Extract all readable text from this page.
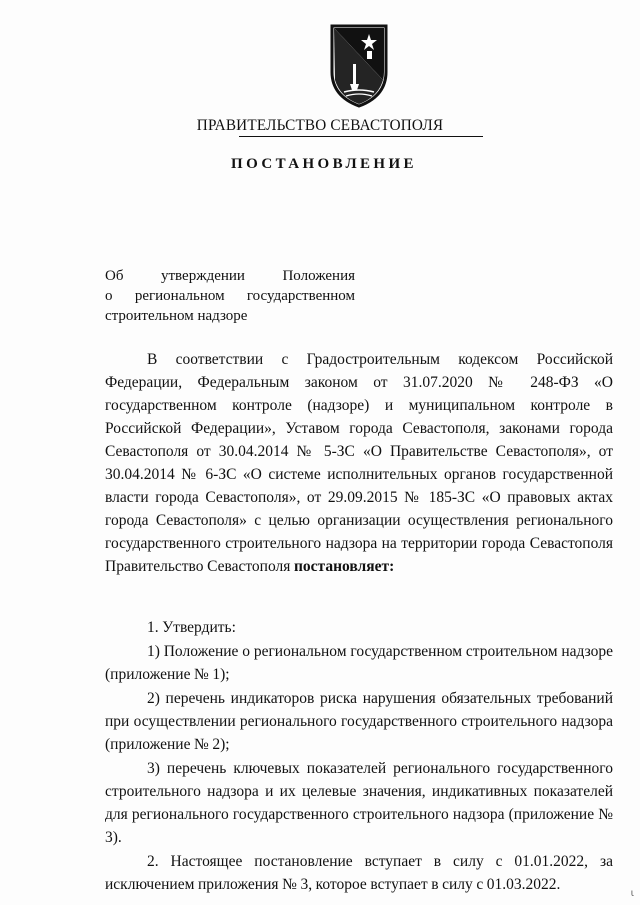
ПРАВИТЕЛЬСТВО СЕВАСТОПОЛЯ
ПОСТАНОВЛЕНИЕ
Об утверждении Положения
о региональном государственном
строительном надзоре

В соответствии с Градостроительным кодексом Российской Федерации, Федеральным законом от 31.07.2020 № 248-ФЗ «О государственном контроле (надзоре) и муниципальном контроле в Российской Федерации», Уставом города Севастополя, законами города Севастополя от 30.04.2014 № 5-ЗС «О Правительстве Севастополя», от 30.04.2014 № 6-ЗС «О системе исполнительных органов государственной власти города Севастополя», от 29.09.2015 № 185-ЗС «О правовых актах города Севастополя» с целью организации осуществления регионального государственного строительного надзора на территории города Севастополя Правительство Севастополя постановляет:

1. Утвердить:

1) Положение о региональном государственном строительном надзоре (приложение № 1);

2) перечень индикаторов риска нарушения обязательных требований при осуществлении регионального государственного строительного надзора (приложение № 2);

3) перечень ключевых показателей регионального государственного строительного надзора и их целевые значения, индикативных показателей для регионального государственного строительного надзора (приложение № 3).

2. Настоящее постановление вступает в силу с 01.01.2022, за исключением приложения № 3, которое вступает в силу с 01.03.2022.

ι
